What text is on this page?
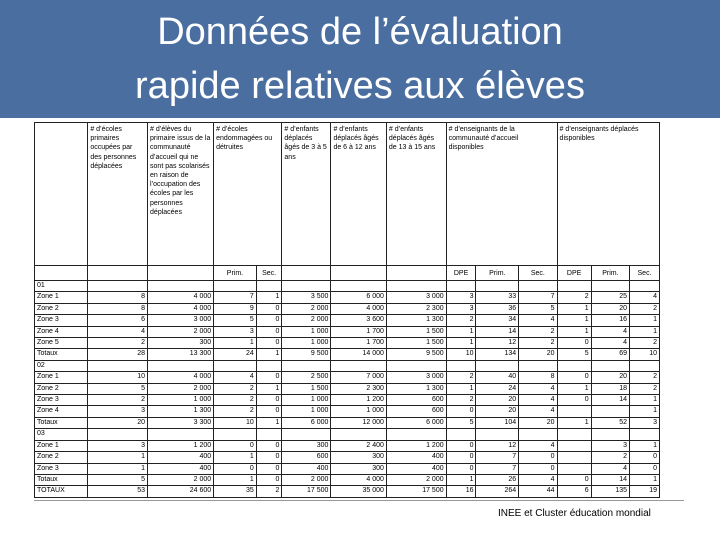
Données de l’évaluation
rapide relatives aux élèves
	# d’écoles primaires occupées par des personnes déplacées	# d’élèves du primaire issus de la communauté d’accueil qui ne sont pas scolarisés en raison de l’occupation des écoles par les personnes déplacées	# d’écoles endommagées ou détruites		# d’enfants déplacés âgés de 3 à 5 ans	# d’enfants déplacés âgés de 6 à 12 ans	# d’enfants déplacés âgés de 13 à 15 ans	# d’enseignants de la communauté d’accueil disponibles			# d’enseignants déplacés disponibles		
			Prim.	Sec.				DPE	Prim.	Sec.	DPE	Prim.	Sec.
01													
Zone 1	8	4 000	7	1	3 500	6 000	3 000	3	33	7	2	25	4
Zone 2	8	4 000	9	0	2 000	4 000	2 300	3	36	5	1	20	2
Zone 3	6	3 000	5	0	2 000	3 600	1 300	2	34	4	1	16	1
Zone 4	4	2 000	3	0	1 000	1 700	1 500	1	14	2	1	4	1
Zone 5	2	300	1	0	1 000	1 700	1 500	1	12	2	0	4	2
Totaux	28	13 300	24	1	9 500	14 000	9 500	10	134	20	5	69	10
02													
Zone 1	10	4 000	4	0	2 500	7 000	3 000	2	40	8	0	20	2
Zone 2	5	2 000	2	1	1 500	2 300	1 300	1	24	4	1	18	2
Zone 3	2	1 000	2	0	1 000	1 200	600	2	20	4	0	14	1
Zone 4	3	1 300	2	0	1 000	1 000	600	0	20	4			1
Totaux	20	3 300	10	1	6 000	12 000	6 000	5	104	20	1	52	3
03													
Zone 1	3	1 200	0	0	300	2 400	1 200	0	12	4		3	1
Zone 2	1	400	1	0	600	300	400	0	7	0		2	0
Zone 3	1	400	0	0	400	300	400	0	7	0		4	0
Totaux	5	2 000	1	0	2 000	4 000	2 000	1	26	4	0	14	1
TOTAUX	53	24 600	35	2	17 500	35 000	17 500	16	264	44	6	135	19
INEE et Cluster éducation mondial
